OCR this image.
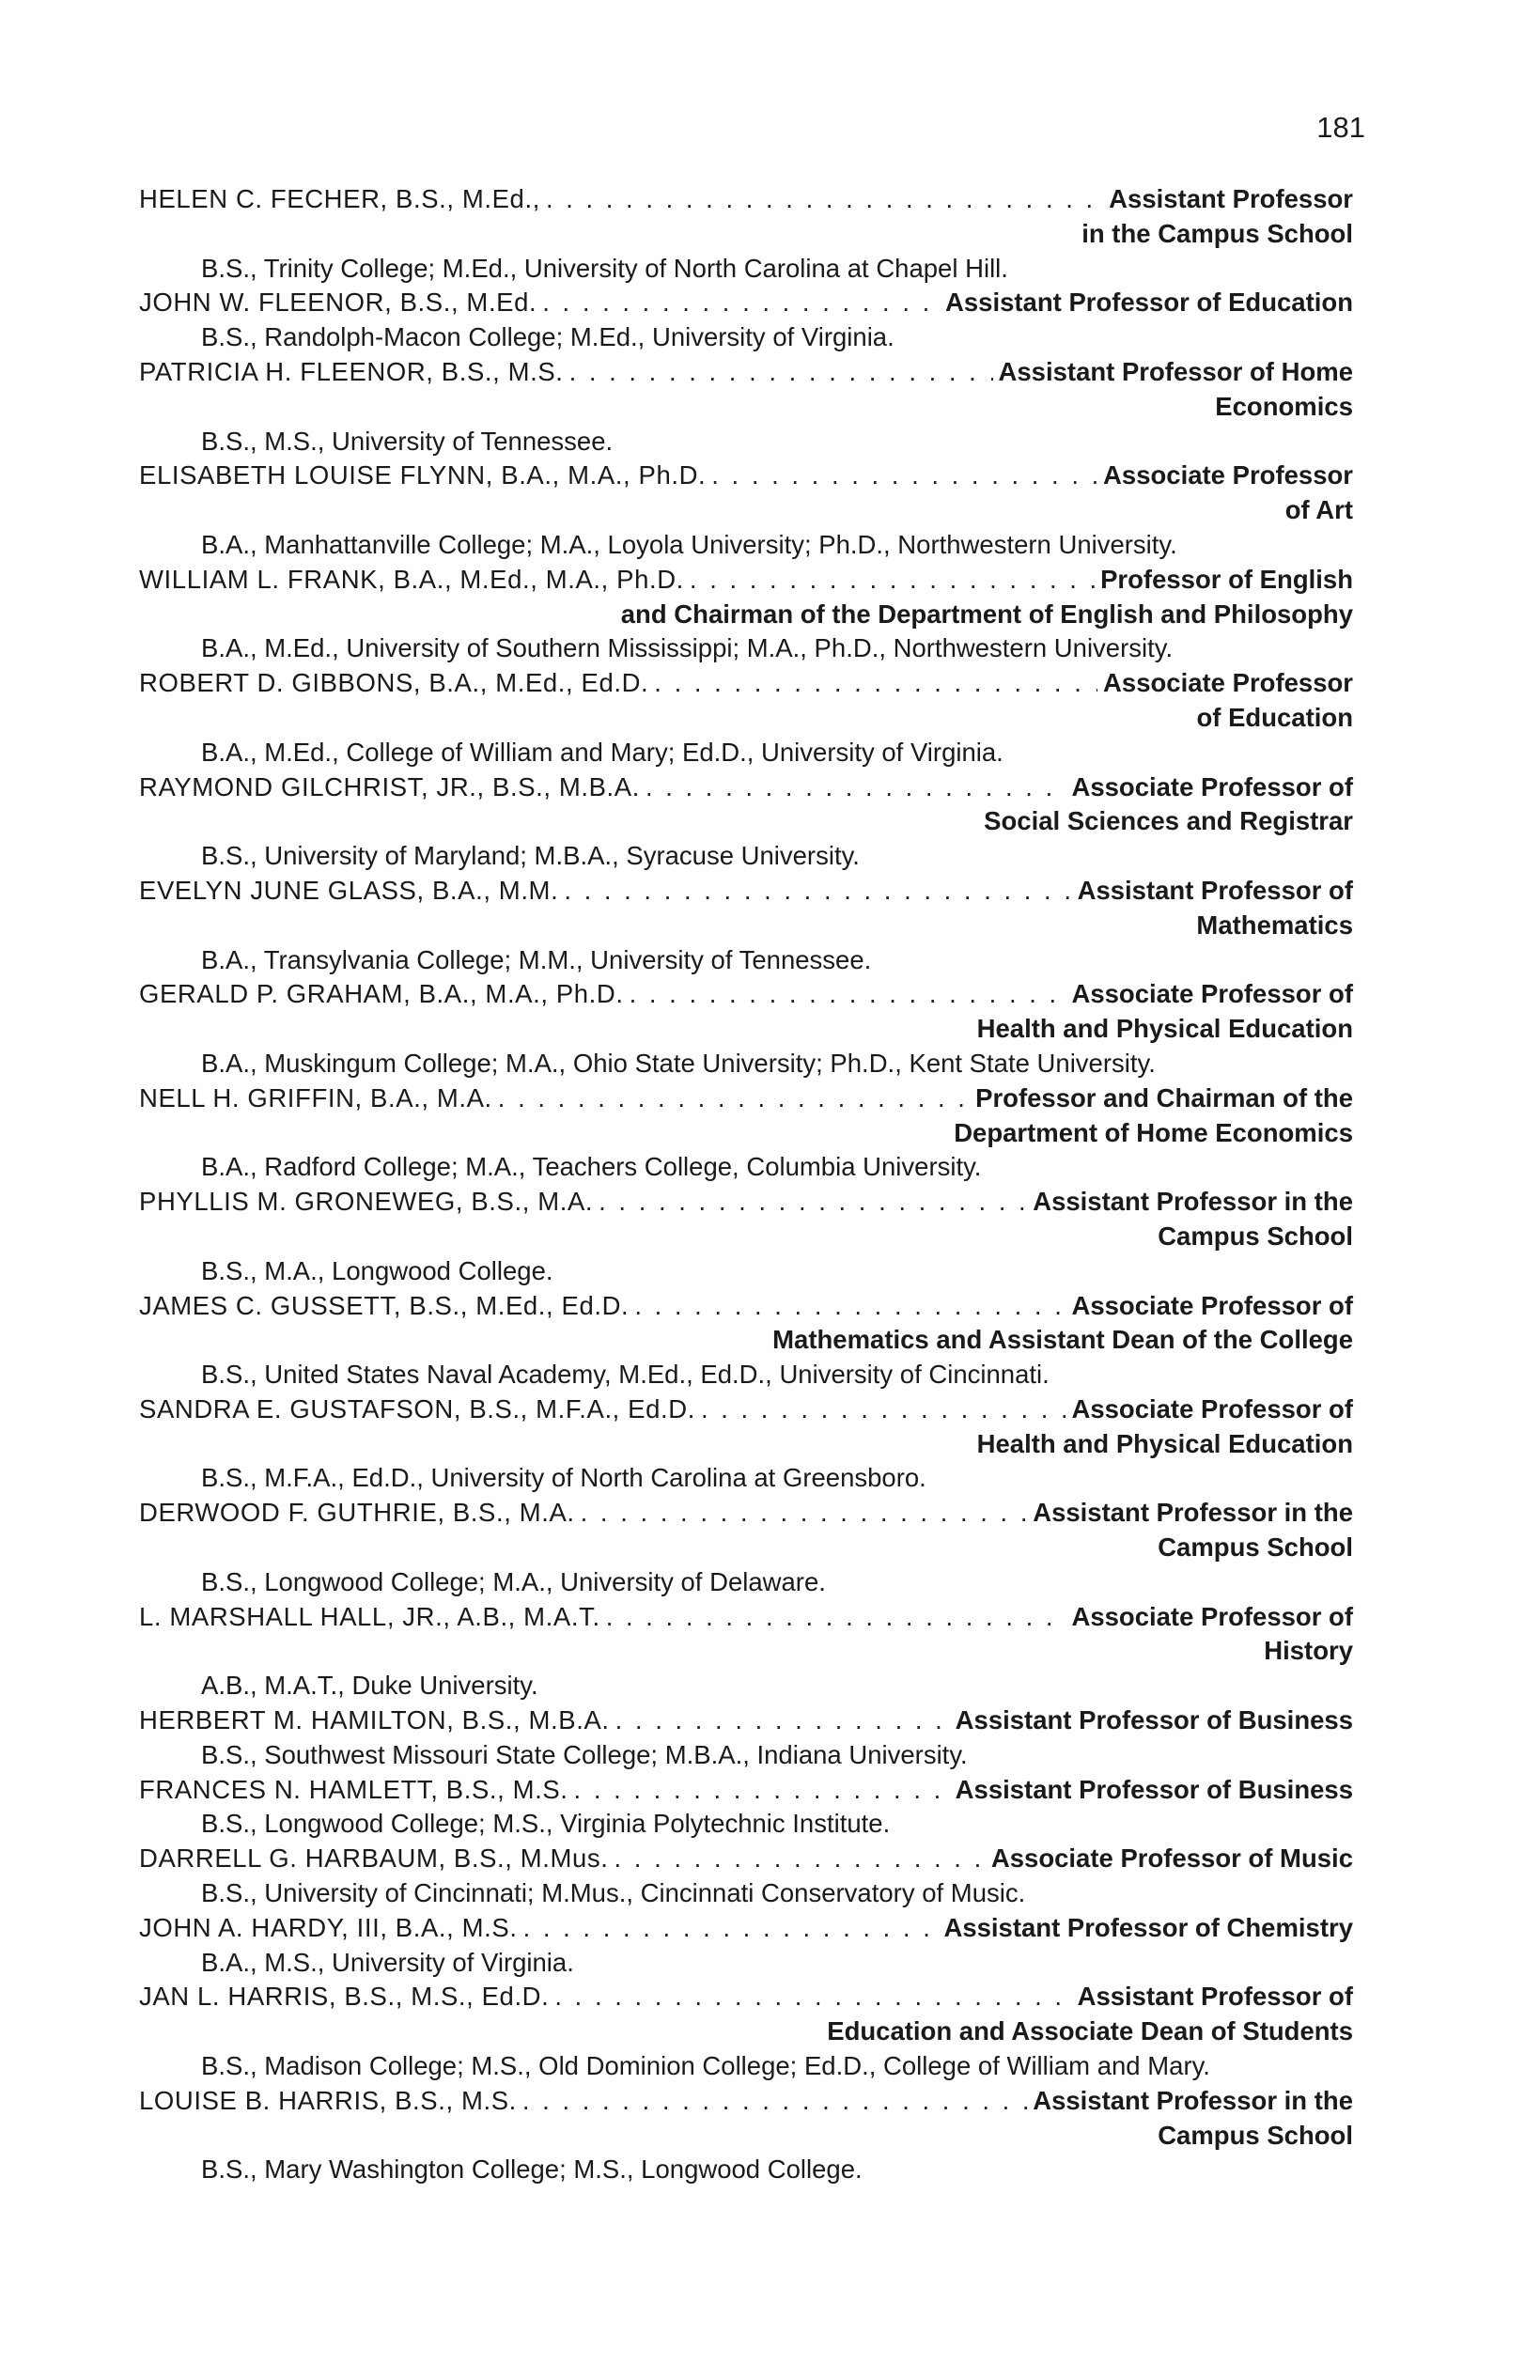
181
HELEN C. FECHER, B.S., M.Ed., . . .	Assistant Professor
in the Campus School
B.S., Trinity College; M.Ed., University of North Carolina at Chapel Hill.
JOHN W. FLEENOR, B.S., M.Ed. . . .	Assistant Professor of Education
B.S., Randolph-Macon College; M.Ed., University of Virginia.
PATRICIA H. FLEENOR, B.S., M.S. . . .	Assistant Professor of Home
Economics
B.S., M.S., University of Tennessee.
ELISABETH LOUISE FLYNN, B.A., M.A., Ph.D. . . .	Associate Professor
of Art
B.A., Manhattanville College; M.A., Loyola University; Ph.D., Northwestern University.
WILLIAM L. FRANK, B.A., M.Ed., M.A., Ph.D. . . .	Professor of English
and Chairman of the Department of English and Philosophy
B.A., M.Ed., University of Southern Mississippi; M.A., Ph.D., Northwestern University.
ROBERT D. GIBBONS, B.A., M.Ed., Ed.D. . . .	Associate Professor
of Education
B.A., M.Ed., College of William and Mary; Ed.D., University of Virginia.
RAYMOND GILCHRIST, JR., B.S., M.B.A. . . .	Associate Professor of
Social Sciences and Registrar
B.S., University of Maryland; M.B.A., Syracuse University.
EVELYN JUNE GLASS, B.A., M.M. . . .	Assistant Professor of
Mathematics
B.A., Transylvania College; M.M., University of Tennessee.
GERALD P. GRAHAM, B.A., M.A., Ph.D. . . .	Associate Professor of
Health and Physical Education
B.A., Muskingum College; M.A., Ohio State University; Ph.D., Kent State University.
NELL H. GRIFFIN, B.A., M.A. . . .	Professor and Chairman of the
Department of Home Economics
B.A., Radford College; M.A., Teachers College, Columbia University.
PHYLLIS M. GRONEWEG, B.S., M.A. . . .	Assistant Professor in the
Campus School
B.S., M.A., Longwood College.
JAMES C. GUSSETT, B.S., M.Ed., Ed.D. . . .	Associate Professor of
Mathematics and Assistant Dean of the College
B.S., United States Naval Academy, M.Ed., Ed.D., University of Cincinnati.
SANDRA E. GUSTAFSON, B.S., M.F.A., Ed.D. . . .	Associate Professor of
Health and Physical Education
B.S., M.F.A., Ed.D., University of North Carolina at Greensboro.
DERWOOD F. GUTHRIE, B.S., M.A. . . .	Assistant Professor in the
Campus School
B.S., Longwood College; M.A., University of Delaware.
L. MARSHALL HALL, JR., A.B., M.A.T. . . .	Associate Professor of
History
A.B., M.A.T., Duke University.
HERBERT M. HAMILTON, B.S., M.B.A. . . .	Assistant Professor of Business
B.S., Southwest Missouri State College; M.B.A., Indiana University.
FRANCES N. HAMLETT, B.S., M.S. . . .	Assistant Professor of Business
B.S., Longwood College; M.S., Virginia Polytechnic Institute.
DARRELL G. HARBAUM, B.S., M.Mus. . . .	Associate Professor of Music
B.S., University of Cincinnati; M.Mus., Cincinnati Conservatory of Music.
JOHN A. HARDY, III, B.A., M.S. . . .	Assistant Professor of Chemistry
B.A., M.S., University of Virginia.
JAN L. HARRIS, B.S., M.S., Ed.D. . . .	Assistant Professor of
Education and Associate Dean of Students
B.S., Madison College; M.S., Old Dominion College; Ed.D., College of William and Mary.
LOUISE B. HARRIS, B.S., M.S. . . .	Assistant Professor in the
Campus School
B.S., Mary Washington College; M.S., Longwood College.
